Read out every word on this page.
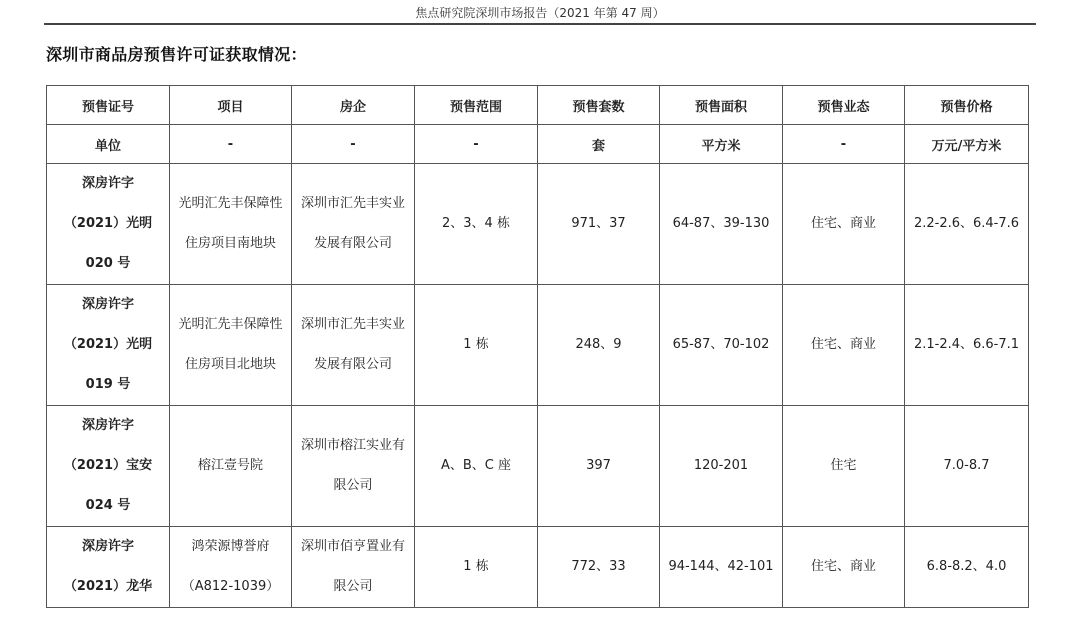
焦点研究院深圳市场报告（2021 年第 47 周）
深圳市商品房预售许可证获取情况：
预售证号	项目	房企	预售范围	预售套数	预售面积	预售业态	预售价格
单位	-	-	-	套	平方米	-	万元/平方米

深房许字
（2021）光明
020 号	光明汇先丰保障性
住房项目南地块	深圳市汇先丰实业
发展有限公司	2、3、4 栋	971、37	64-87、39-130	住宅、商业	2.2-2.6、6.4-7.6

深房许字
（2021）光明
019 号	光明汇先丰保障性
住房项目北地块	深圳市汇先丰实业
发展有限公司	1 栋	248、9	65-87、70-102	住宅、商业	2.1-2.4、6.6-7.1

深房许字
（2021）宝安
024 号	榕江壹号院	深圳市榕江实业有
限公司	A、B、C 座	397	120-201	住宅	7.0-8.7

深房许字
（2021）龙华	鸿荣源博誉府
（A812-1039）	深圳市佰亨置业有
限公司	1 栋	772、33	94-144、42-101	住宅、商业	6.8-8.2、4.0
